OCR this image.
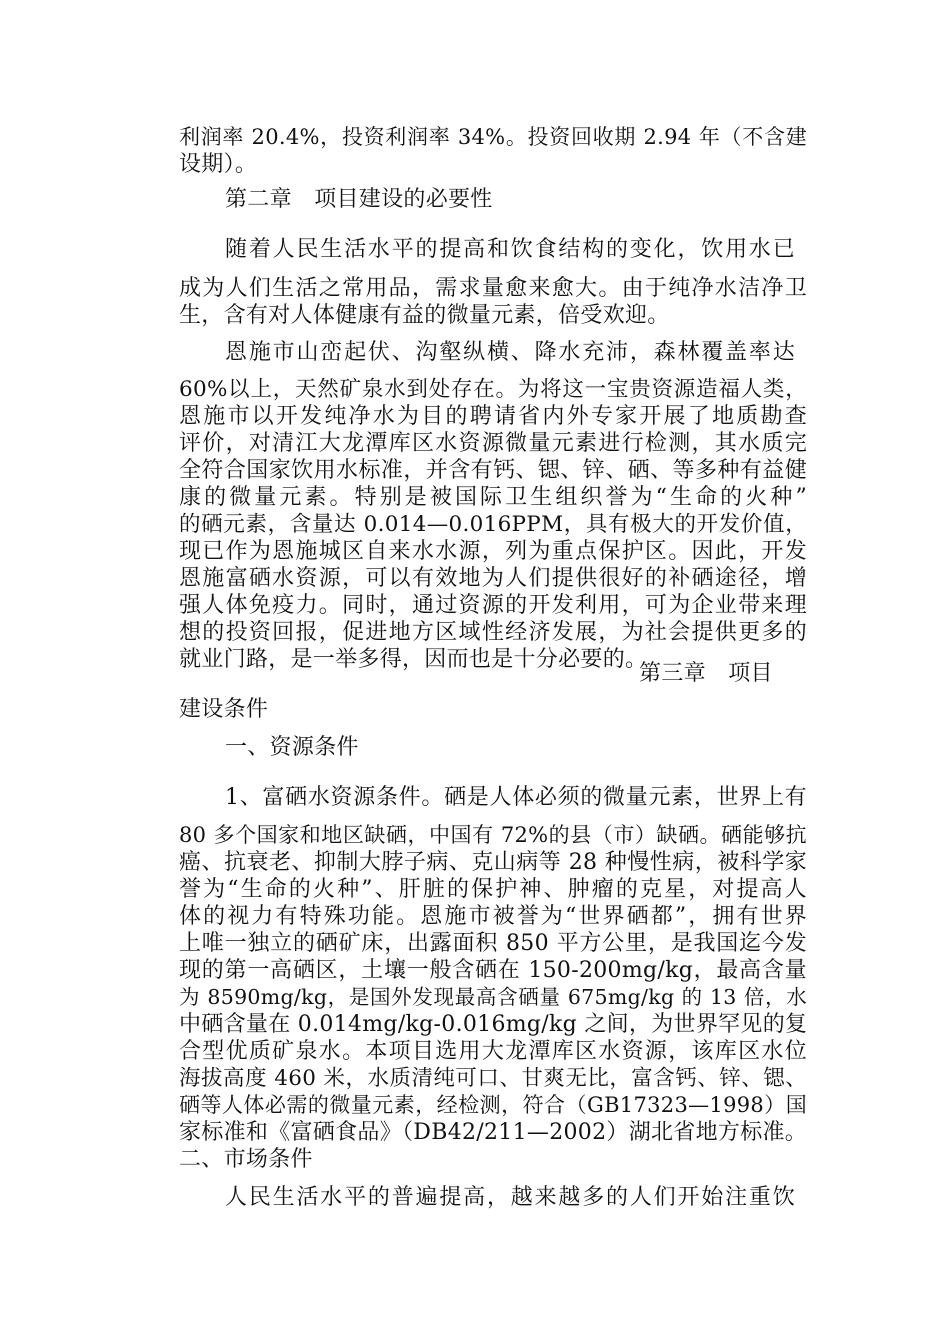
利润率 20.4%，投资利润率 34%。投资回收期 2.94 年（不含建
设期）。
第二章　项目建设的必要性
随着人民生活水平的提高和饮食结构的变化，饮用水已
成为人们生活之常用品，需求量愈来愈大。由于纯净水洁净卫
生，含有对人体健康有益的微量元素，倍受欢迎。
恩施市山峦起伏、沟壑纵横、降水充沛，森林覆盖率达
60%以上，天然矿泉水到处存在。为将这一宝贵资源造福人类，
恩施市以开发纯净水为目的聘请省内外专家开展了地质勘查
评价，对清江大龙潭库区水资源微量元素进行检测，其水质完
全符合国家饮用水标准，并含有钙、锶、锌、硒、等多种有益健
康的微量元素。特别是被国际卫生组织誉为“生命的火种”
的硒元素，含量达 0.014—0.016PPM，具有极大的开发价值，
现已作为恩施城区自来水水源，列为重点保护区。因此，开发
恩施富硒水资源，可以有效地为人们提供很好的补硒途径，增
强人体免疫力。同时，通过资源的开发利用，可为企业带来理
想的投资回报，促进地方区域性经济发展，为社会提供更多的
就业门路，是一举多得，因而也是十分必要的。
第三章　项目
建设条件
一、资源条件
1、富硒水资源条件。硒是人体必须的微量元素，世界上有
80 多个国家和地区缺硒，中国有 72%的县（市）缺硒。硒能够抗
癌、抗衰老、抑制大脖子病、克山病等 28 种慢性病，被科学家
誉为“生命的火种”、肝脏的保护神、肿瘤的克星，对提高人
体的视力有特殊功能。恩施市被誉为“世界硒都”，拥有世界
上唯一独立的硒矿床，出露面积 850 平方公里，是我国迄今发
现的第一高硒区，土壤一般含硒在 150-200mg/kg，最高含量
为 8590mg/kg，是国外发现最高含硒量 675mg/kg 的 13 倍，水
中硒含量在 0.014mg/kg-0.016mg/kg 之间，为世界罕见的复
合型优质矿泉水。本项目选用大龙潭库区水资源，该库区水位
海拔高度 460 米，水质清纯可口、甘爽无比，富含钙、锌、锶、
硒等人体必需的微量元素，经检测，符合（GB17323—1998）国
家标准和《富硒食品》（DB42/211—2002）湖北省地方标准。
二、市场条件
人民生活水平的普遍提高，越来越多的人们开始注重饮
